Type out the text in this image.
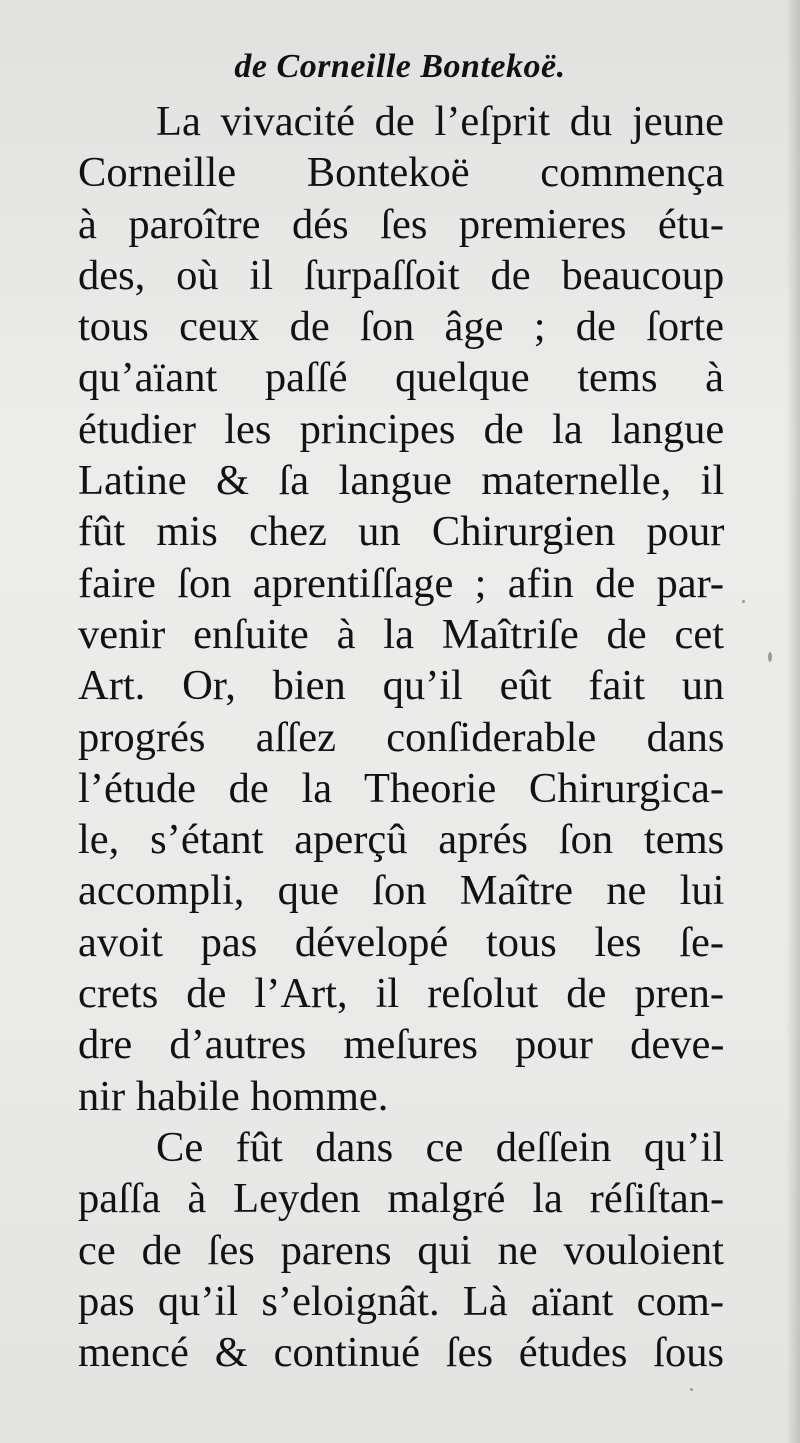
de Corneille Bontekoë.
La vivacité de l’eſprit du jeune
Corneille Bontekoë commença
à paroître dés ſes premieres étu-
des, où il ſurpaſſoit de beaucoup
tous ceux de ſon âge ; de ſorte
qu’aïant paſſé quelque tems à
étudier les principes de la langue
Latine & ſa langue maternelle, il
fût mis chez un Chirurgien pour
faire ſon aprentiſſage ; afin de par-
venir enſuite à la Maîtriſe de cet
Art. Or, bien qu’il eût fait un
progrés aſſez conſiderable dans
l’étude de la Theorie Chirurgica-
le, s’étant aperçû aprés ſon tems
accompli, que ſon Maître ne lui
avoit pas dévelopé tous les ſe-
crets de l’Art, il reſolut de pren-
dre d’autres meſures pour deve-
nir habile homme.
Ce fût dans ce deſſein qu’il
paſſa à Leyden malgré la réſiſtan-
ce de ſes parens qui ne vouloient
pas qu’il s’eloignât. Là aïant com-
mencé & continué ſes études ſous
